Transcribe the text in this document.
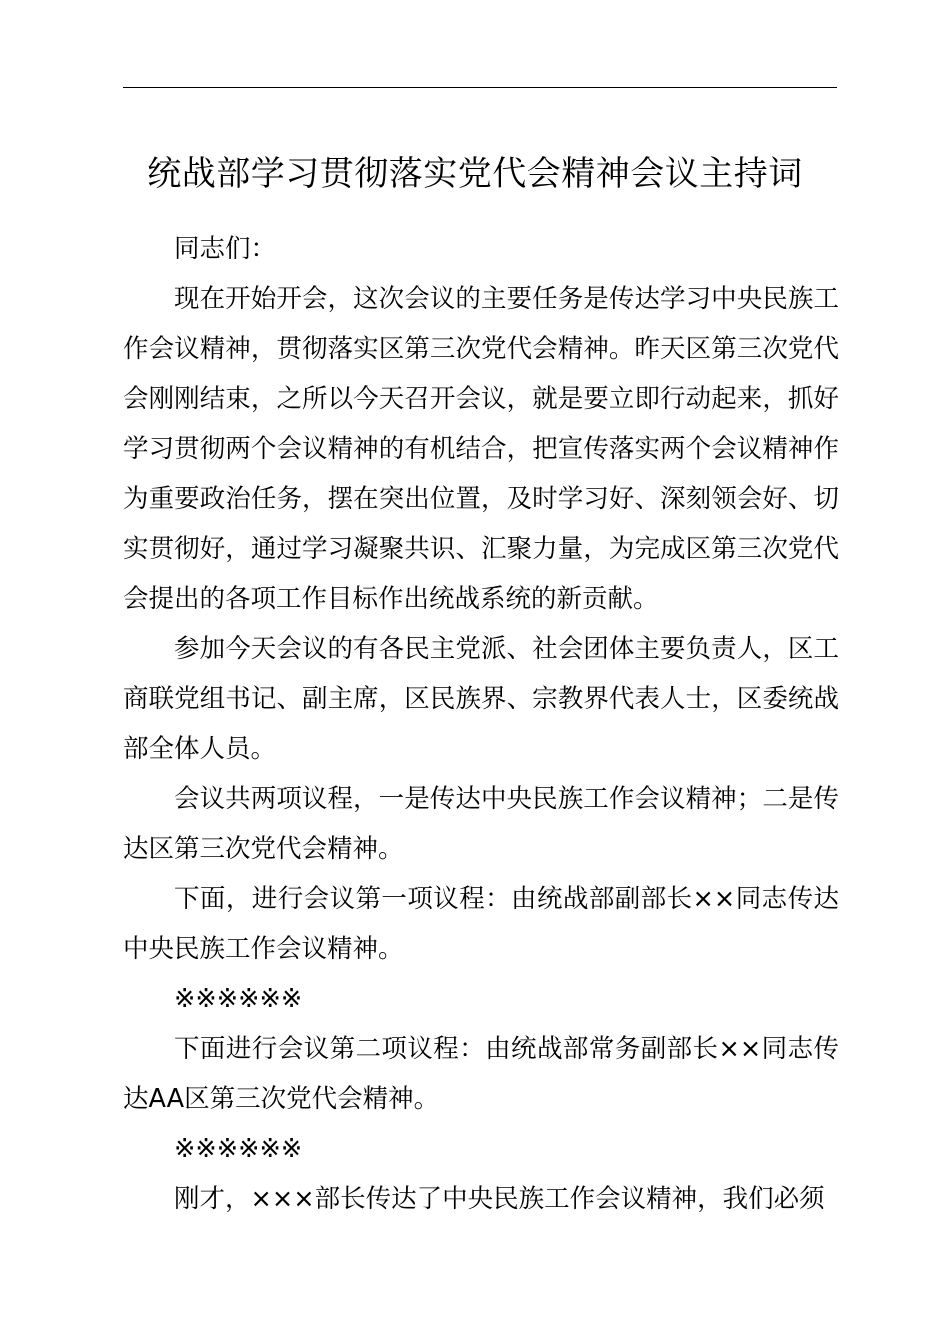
统战部学习贯彻落实党代会精神会议主持词

同志们：

现在开始开会，这次会议的主要任务是传达学习中央民族工作会议精神，贯彻落实区第三次党代会精神。昨天区第三次党代会刚刚结束，之所以今天召开会议，就是要立即行动起来，抓好学习贯彻两个会议精神的有机结合，把宣传落实两个会议精神作为重要政治任务，摆在突出位置，及时学习好、深刻领会好、切实贯彻好，通过学习凝聚共识、汇聚力量，为完成区第三次党代会提出的各项工作目标作出统战系统的新贡献。

参加今天会议的有各民主党派、社会团体主要负责人，区工商联党组书记、副主席，区民族界、宗教界代表人士，区委统战部全体人员。

会议共两项议程，一是传达中央民族工作会议精神；二是传达区第三次党代会精神。

下面，进行会议第一项议程：由统战部副部长××同志传达中央民族工作会议精神。

※※※※※※

下面进行会议第二项议程：由统战部常务副部长××同志传达AA区第三次党代会精神。

※※※※※※

刚才，×××部长传达了中央民族工作会议精神，我们必须
